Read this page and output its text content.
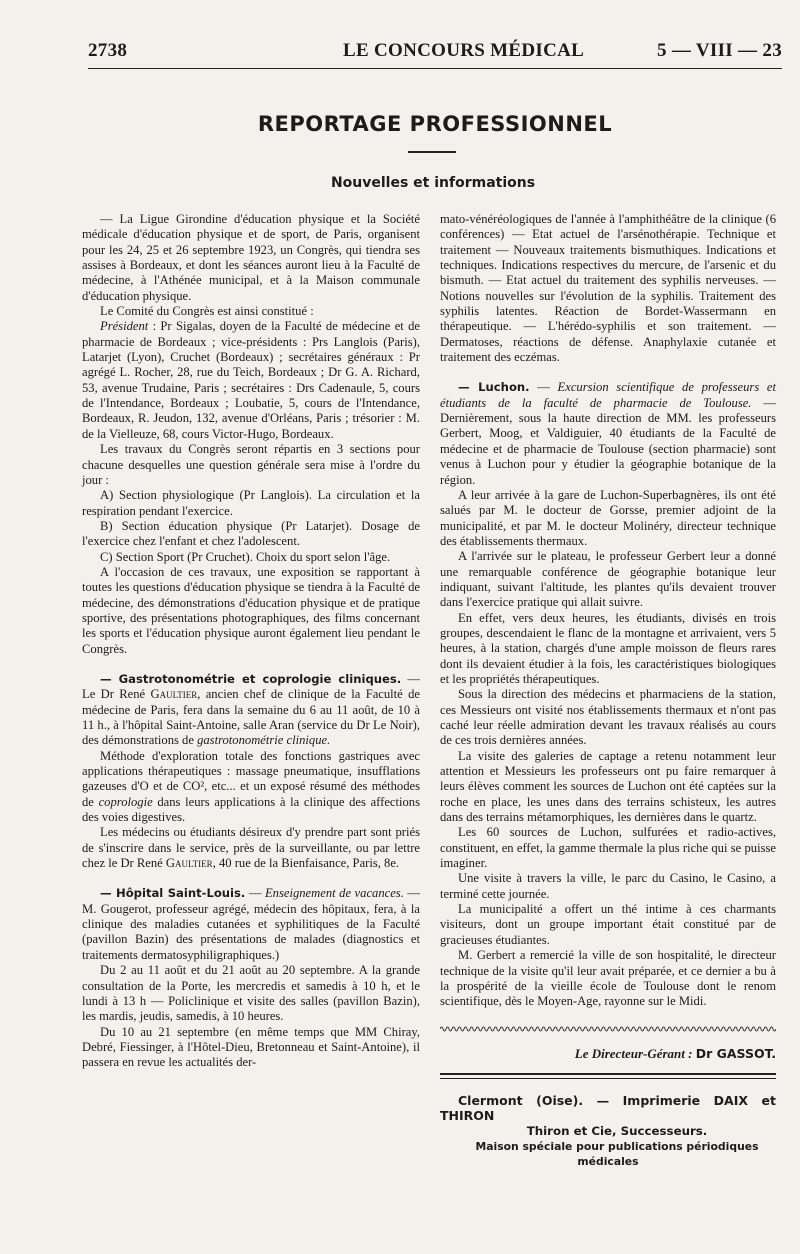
2738	LE CONCOURS MÉDICAL	5 — VIII — 23
REPORTAGE PROFESSIONNEL
Nouvelles et informations

— La Ligue Girondine d'éducation physique et la Société médicale d'éducation physique et de sport, de Paris, organisent pour les 24, 25 et 26 septembre 1923, un Congrès, qui tiendra ses assises à Bordeaux, et dont les séances auront lieu à la Faculté de médecine, à l'Athénée municipal, et à la Maison communale d'éducation physique.

Le Comité du Congrès est ainsi constitué :

Président : Pr Sigalas, doyen de la Faculté de médecine et de pharmacie de Bordeaux ; vice-présidents : Prs Langlois (Paris), Latarjet (Lyon), Cruchet (Bordeaux) ; secrétaires généraux : Pr agrégé L. Rocher, 28, rue du Teich, Bordeaux ; Dr G. A. Richard, 53, avenue Trudaine, Paris ; secrétaires : Drs Cadenaule, 5, cours de l'Intendance, Bordeaux ; Loubatie, 5, cours de l'Intendance, Bordeaux, R. Jeudon, 132, avenue d'Orléans, Paris ; trésorier : M. de la Vielleuze, 68, cours Victor-Hugo, Bordeaux.

Les travaux du Congrès seront répartis en 3 sections pour chacune desquelles une question générale sera mise à l'ordre du jour :

A) Section physiologique (Pr Langlois). La circulation et la respiration pendant l'exercice.

B) Section éducation physique (Pr Latarjet). Dosage de l'exercice chez l'enfant et chez l'adolescent.

C) Section Sport (Pr Cruchet). Choix du sport selon l'âge.

A l'occasion de ces travaux, une exposition se rapportant à toutes les questions d'éducation physique se tiendra à la Faculté de médecine, des démonstrations d'éducation physique et de pratique sportive, des présentations photographiques, des films concernant les sports et l'éducation physique auront également lieu pendant le Congrès.

— Gastrotonométrie et coprologie cliniques. — Le Dr René Gaultier, ancien chef de clinique de la Faculté de médecine de Paris, fera dans la semaine du 6 au 11 août, de 10 à 11 h., à l'hôpital Saint-Antoine, salle Aran (service du Dr Le Noir), des démonstrations de gastrotonométrie clinique.

Méthode d'exploration totale des fonctions gastriques avec applications thérapeutiques : massage pneumatique, insufflations gazeuses d'O et de CO², etc... et un exposé résumé des méthodes de coprologie dans leurs applications à la clinique des affections des voies digestives.

Les médecins ou étudiants désireux d'y prendre part sont priés de s'inscrire dans le service, près de la surveillante, ou par lettre chez le Dr René Gaultier, 40 rue de la Bienfaisance, Paris, 8e.

— Hôpital Saint-Louis. — Enseignement de vacances. — M. Gougerot, professeur agrégé, médecin des hôpitaux, fera, à la clinique des maladies cutanées et syphilitiques de la Faculté (pavillon Bazin) des présentations de malades (diagnostics et traitements dermatosyphiligraphiques.)

Du 2 au 11 août et du 21 août au 20 septembre. A la grande consultation de la Porte, les mercredis et samedis à 10 h, et le lundi à 13 h — Policlinique et visite des salles (pavillon Bazin), les mardis, jeudis, samedis, à 10 heures.

Du 10 au 21 septembre (en même temps que MM Chiray, Debré, Fiessinger, à l'Hôtel-Dieu, Bretonneau et Saint-Antoine), il passera en revue les actualités der-

mato-vénéréologiques de l'année à l'amphithéâtre de la clinique (6 conférences) — Etat actuel de l'arsénothérapie. Technique et traitement — Nouveaux traitements bismuthiques. Indications et techniques. Indications respectives du mercure, de l'arsenic et du bismuth. — Etat actuel du traitement des syphilis nerveuses. — Notions nouvelles sur l'évolution de la syphilis. Traitement des syphilis latentes. Réaction de Bordet-Wassermann en thérapeutique. — L'hérédo-syphilis et son traitement. — Dermatoses, réactions de défense. Anaphylaxie cutanée et traitement des eczémas.

— Luchon. — Excursion scientifique de professeurs et étudiants de la faculté de pharmacie de Toulouse. — Dernièrement, sous la haute direction de MM. les professeurs Gerbert, Moog, et Valdiguier, 40 étudiants de la Faculté de médecine et de pharmacie de Toulouse (section pharmacie) sont venus à Luchon pour y étudier la géographie botanique de la région.

A leur arrivée à la gare de Luchon-Superbagnères, ils ont été salués par M. le docteur de Gorsse, premier adjoint de la municipalité, et par M. le docteur Molinéry, directeur technique des établissements thermaux.

A l'arrivée sur le plateau, le professeur Gerbert leur a donné une remarquable conférence de géographie botanique leur indiquant, suivant l'altitude, les plantes qu'ils devaient trouver dans l'exercice pratique qui allait suivre.

En effet, vers deux heures, les étudiants, divisés en trois groupes, descendaient le flanc de la montagne et arrivaient, vers 5 heures, à la station, chargés d'une ample moisson de fleurs rares dont ils devaient étudier à la fois, les caractéristiques biologiques et les propriétés thérapeutiques.

Sous la direction des médecins et pharmaciens de la station, ces Messieurs ont visité nos établissements thermaux et n'ont pas caché leur réelle admiration devant les travaux réalisés au cours de ces trois dernières années.

La visite des galeries de captage a retenu notamment leur attention et Messieurs les professeurs ont pu faire remarquer à leurs élèves comment les sources de Luchon ont été captées sur la roche en place, les unes dans des terrains schisteux, les autres dans des terrains métamorphiques, les dernières dans le quartz.

Les 60 sources de Luchon, sulfurées et radio-actives, constituent, en effet, la gamme thermale la plus riche qui se puisse imaginer.

Une visite à travers la ville, le parc du Casino, le Casino, a terminé cette journée.

La municipalité a offert un thé intime à ces charmants visiteurs, dont un groupe important était constitué par de gracieuses étudiantes.

M. Gerbert a remercié la ville de son hospitalité, le directeur technique de la visite qu'il leur avait préparée, et ce dernier a bu à la prospérité de la vieille école de Toulouse dont le renom scientifique, dès le Moyen-Age, rayonne sur le Midi.

Le Directeur-Gérant : Dr GASSOT.

Clermont (Oise). — Imprimerie DAIX et THIRON

Thiron et Cie, Successeurs.

Maison spéciale pour publications périodiques médicales
